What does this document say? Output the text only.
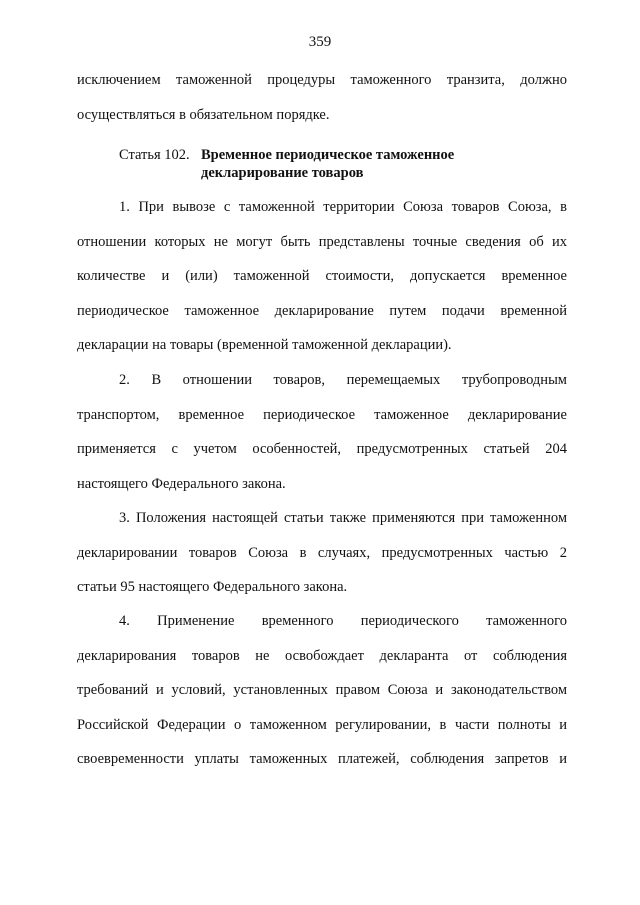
359
исключением таможенной процедуры таможенного транзита, должно
осуществляться в обязательном порядке.
Статья 102. Временное периодическое таможенное
декларирование товаров
1. При вывозе с таможенной территории Союза товаров Союза, в
отношении которых не могут быть представлены точные сведения об их
количестве и (или) таможенной стоимости, допускается временное
периодическое таможенное декларирование путем подачи временной
декларации на товары (временной таможенной декларации).
2. В отношении товаров, перемещаемых трубопроводным
транспортом, временное периодическое таможенное декларирование
применяется с учетом особенностей, предусмотренных статьей 204
настоящего Федерального закона.
3. Положения настоящей статьи также применяются при таможенном
декларировании товаров Союза в случаях, предусмотренных частью 2
статьи 95 настоящего Федерального закона.
4. Применение временного периодического таможенного
декларирования товаров не освобождает декларанта от соблюдения
требований и условий, установленных правом Союза и законодательством
Российской Федерации о таможенном регулировании, в части полноты и
своевременности уплаты таможенных платежей, соблюдения запретов и
